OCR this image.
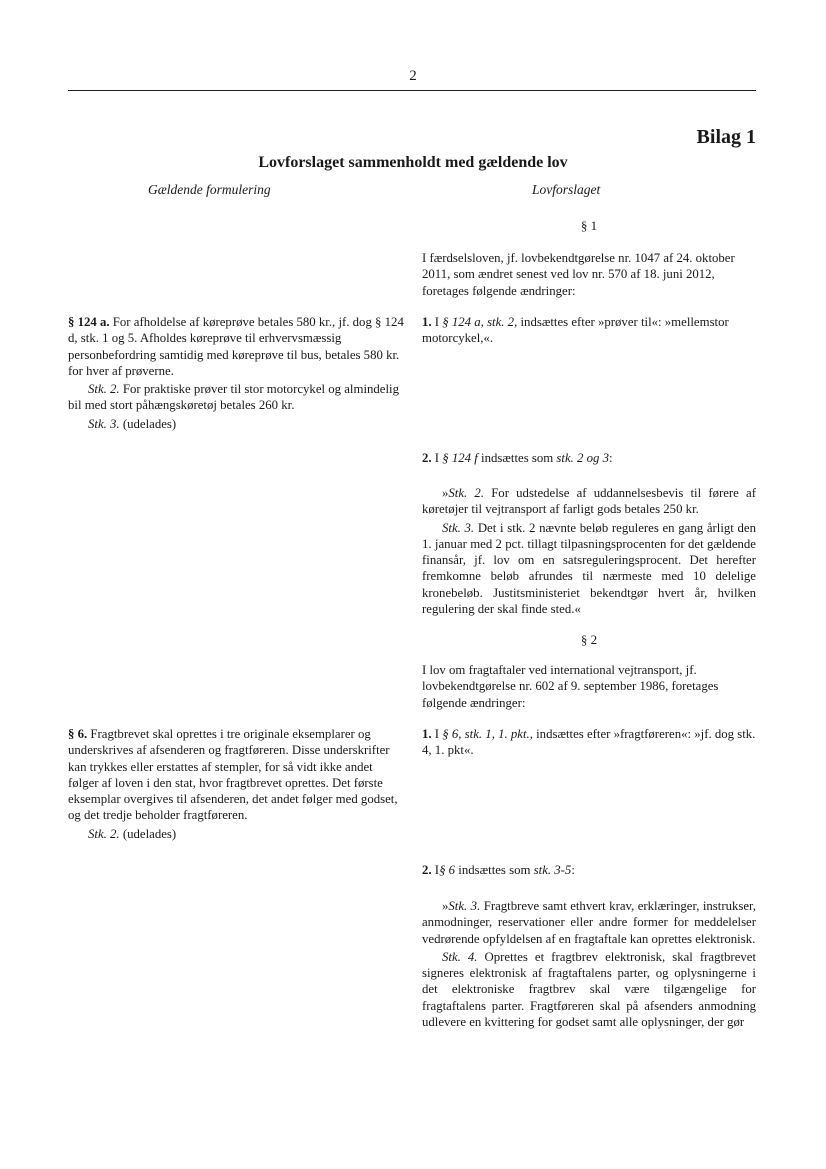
2
Bilag 1
Lovforslaget sammenholdt med gældende lov
Gældende formulering	Lovforslaget
§ 1

I færdselsloven, jf. lovbekendtgørelse nr. 1047 af 24. oktober 2011, som ændret senest ved lov nr. 570 af 18. juni 2012, foretages følgende ændringer:

§ 124 a. For afholdelse af køreprøve betales 580 kr., jf. dog § 124 d, stk. 1 og 5. Afholdes køreprøve til erhvervsmæssig personbefordring samtidig med køreprøve til bus, betales 580 kr. for hver af prøverne.

Stk. 2. For praktiske prøver til stor motorcykel og almindelig bil med stort påhængskøretøj betales 260 kr.

Stk. 3. (udelades)

1. I § 124 a, stk. 2, indsættes efter »prøver til«: »mellemstor motorcykel,«.

2. I § 124 f indsættes som stk. 2 og 3:

»Stk. 2. For udstedelse af uddannelsesbevis til førere af køretøjer til vejtransport af farligt gods betales 250 kr.

Stk. 3. Det i stk. 2 nævnte beløb reguleres en gang årligt den 1. januar med 2 pct. tillagt tilpasningsprocenten for det gældende finansår, jf. lov om en satsreguleringsprocent. Det herefter fremkomne beløb afrundes til nærmeste med 10 delelige kronebeløb. Justitsministeriet bekendtgør hvert år, hvilken regulering der skal finde sted.«

§ 2

I lov om fragtaftaler ved international vejtransport, jf. lovbekendtgørelse nr. 602 af 9. september 1986, foretages følgende ændringer:

§ 6. Fragtbrevet skal oprettes i tre originale eksemplarer og underskrives af afsenderen og fragtføreren. Disse underskrifter kan trykkes eller erstattes af stempler, for så vidt ikke andet følger af loven i den stat, hvor fragtbrevet oprettes. Det første eksemplar overgives til afsenderen, det andet følger med godset, og det tredje beholder fragtføreren.

Stk. 2. (udelades)

1. I § 6, stk. 1, 1. pkt., indsættes efter »fragtføreren«: »jf. dog stk. 4, 1. pkt«.

2. I§ 6 indsættes som stk. 3-5:

»Stk. 3. Fragtbreve samt ethvert krav, erklæringer, instrukser, anmodninger, reservationer eller andre former for meddelelser vedrørende opfyldelsen af en fragtaftale kan oprettes elektronisk.

Stk. 4. Oprettes et fragtbrev elektronisk, skal fragtbrevet signeres elektronisk af fragtaftalens parter, og oplysningerne i det elektroniske fragtbrev skal være tilgængelige for fragtaftalens parter. Fragtføreren skal på afsenders anmodning udlevere en kvittering for godset samt alle oplysninger, der gør
